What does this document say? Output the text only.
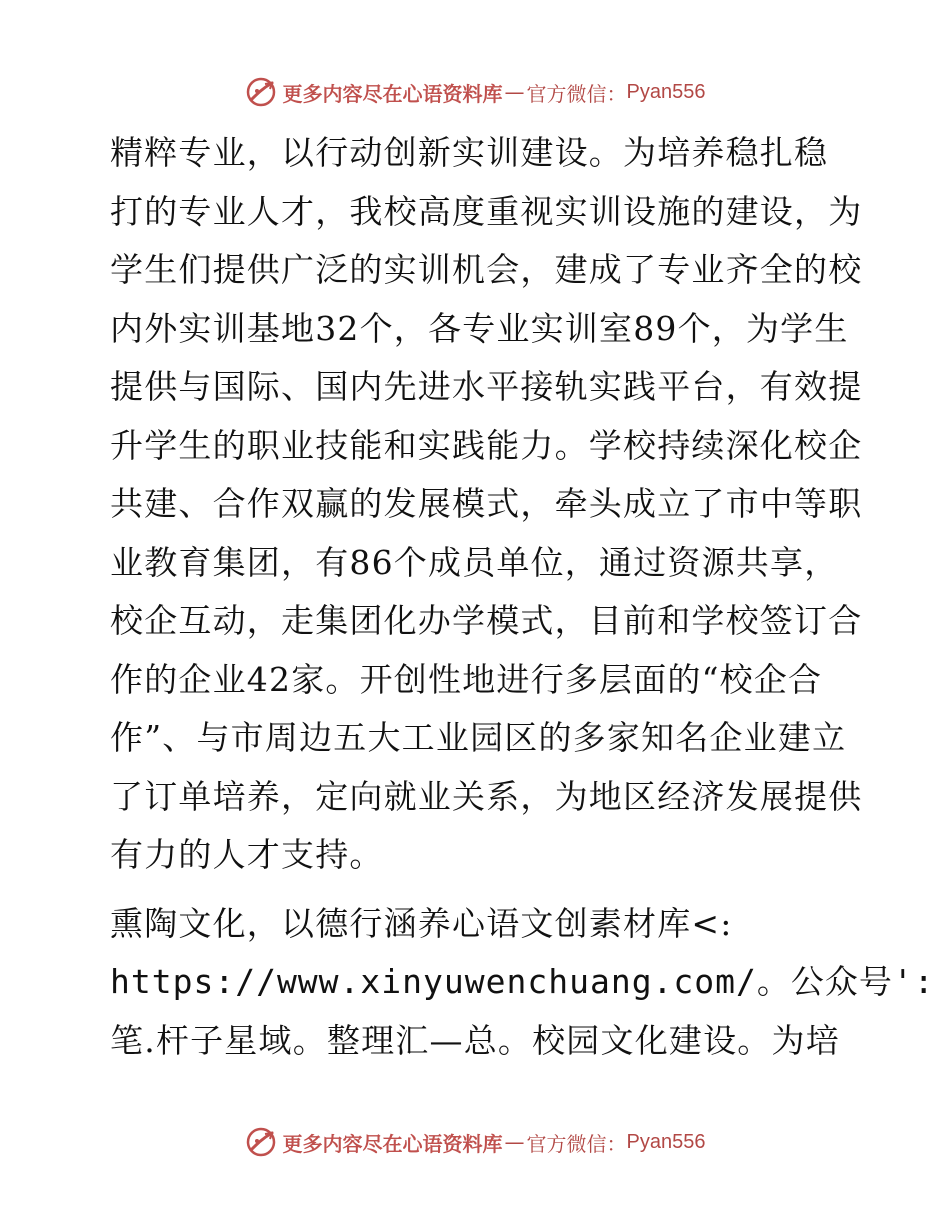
更多内容尽在心语资料库 — 官方微信： Pyan556

精粹专业，以行动创新实训建设。为培养稳扎稳
打的专业人才，我校高度重视实训设施的建设，为
学生们提供广泛的实训机会，建成了专业齐全的校
内外实训基地32个，各专业实训室89个，为学生
提供与国际、国内先进水平接轨实践平台，有效提
升学生的职业技能和实践能力。学校持续深化校企
共建、合作双赢的发展模式，牵头成立了市中等职
业教育集团，有86个成员单位，通过资源共享，
校企互动，走集团化办学模式，目前和学校签订合
作的企业42家。开创性地进行多层面的“校企合
作”、与市周边五大工业园区的多家知名企业建立
了订单培养，定向就业关系，为地区经济发展提供
有力的人才支持。

熏陶文化，以德行涵养心语文创素材库<:
https://www.xinyuwenchuang.com/。公众号':
笔.杆子星域。整理汇—总。校园文化建设。为培

更多内容尽在心语资料库 — 官方微信： Pyan556
